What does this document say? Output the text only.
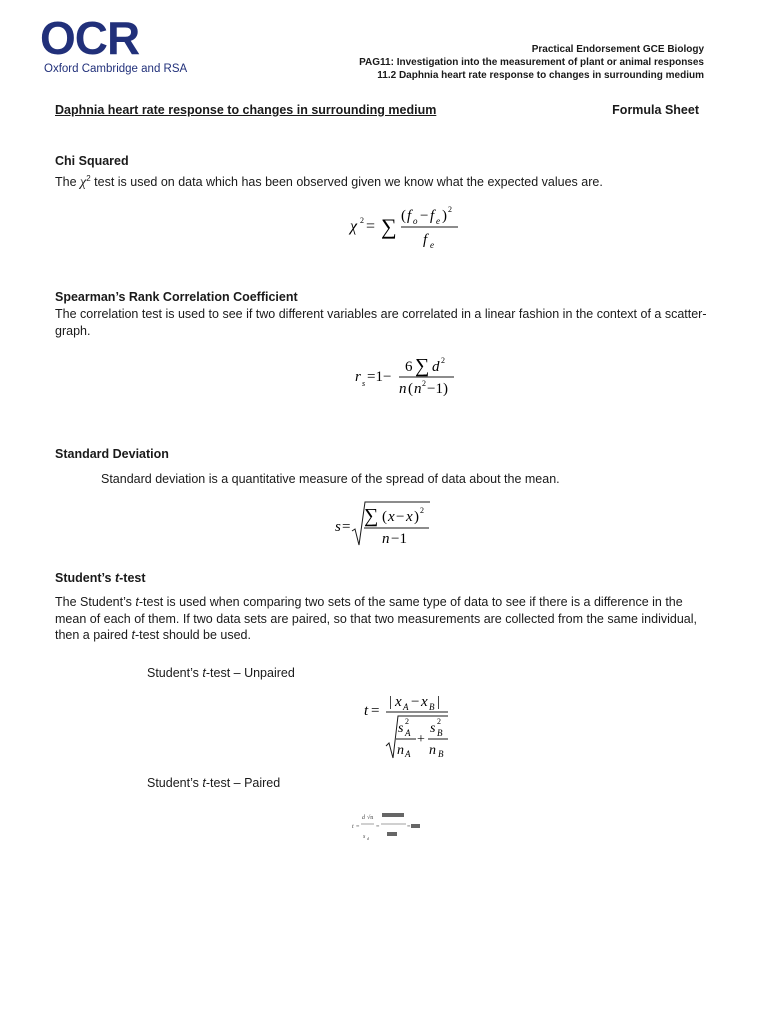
OCR
Oxford Cambridge and RSA
Practical Endorsement GCE Biology
PAG11: Investigation into the measurement of plant or animal responses
11.2 Daphnia heart rate response to changes in surrounding medium
Daphnia heart rate response to changes in surrounding medium	Formula Sheet
Chi Squared
The $\chi^2$ test is used on data which has been observed given we know what the expected values are.
χ 2 = ∑ ( f o − f e ) 2
f e
Spearman’s Rank Correlation Coefficient
The correlation test is used to see if two different variables are correlated in a linear fashion in the context of a scatter-graph.
r s =1−
6 ∑ d 2
n ( n 2 −1)
Standard Deviation
Standard deviation is a quantitative measure of the spread of data about the mean.
s = ∑ ( x − x ) 2
n −1
Student’s t-test
The Student’s t-test is used when comparing two sets of the same type of data to see if there is a difference in the mean of each of them. If two data sets are paired, so that two measurements are collected from the same individual, then a paired t-test should be used.
Student’s t-test – Unpaired
t =
| x A − x B |
s 2
A
n A
+
s 2
B
n B
Student’s t-test – Paired
t =
d √n
s d
=	=
